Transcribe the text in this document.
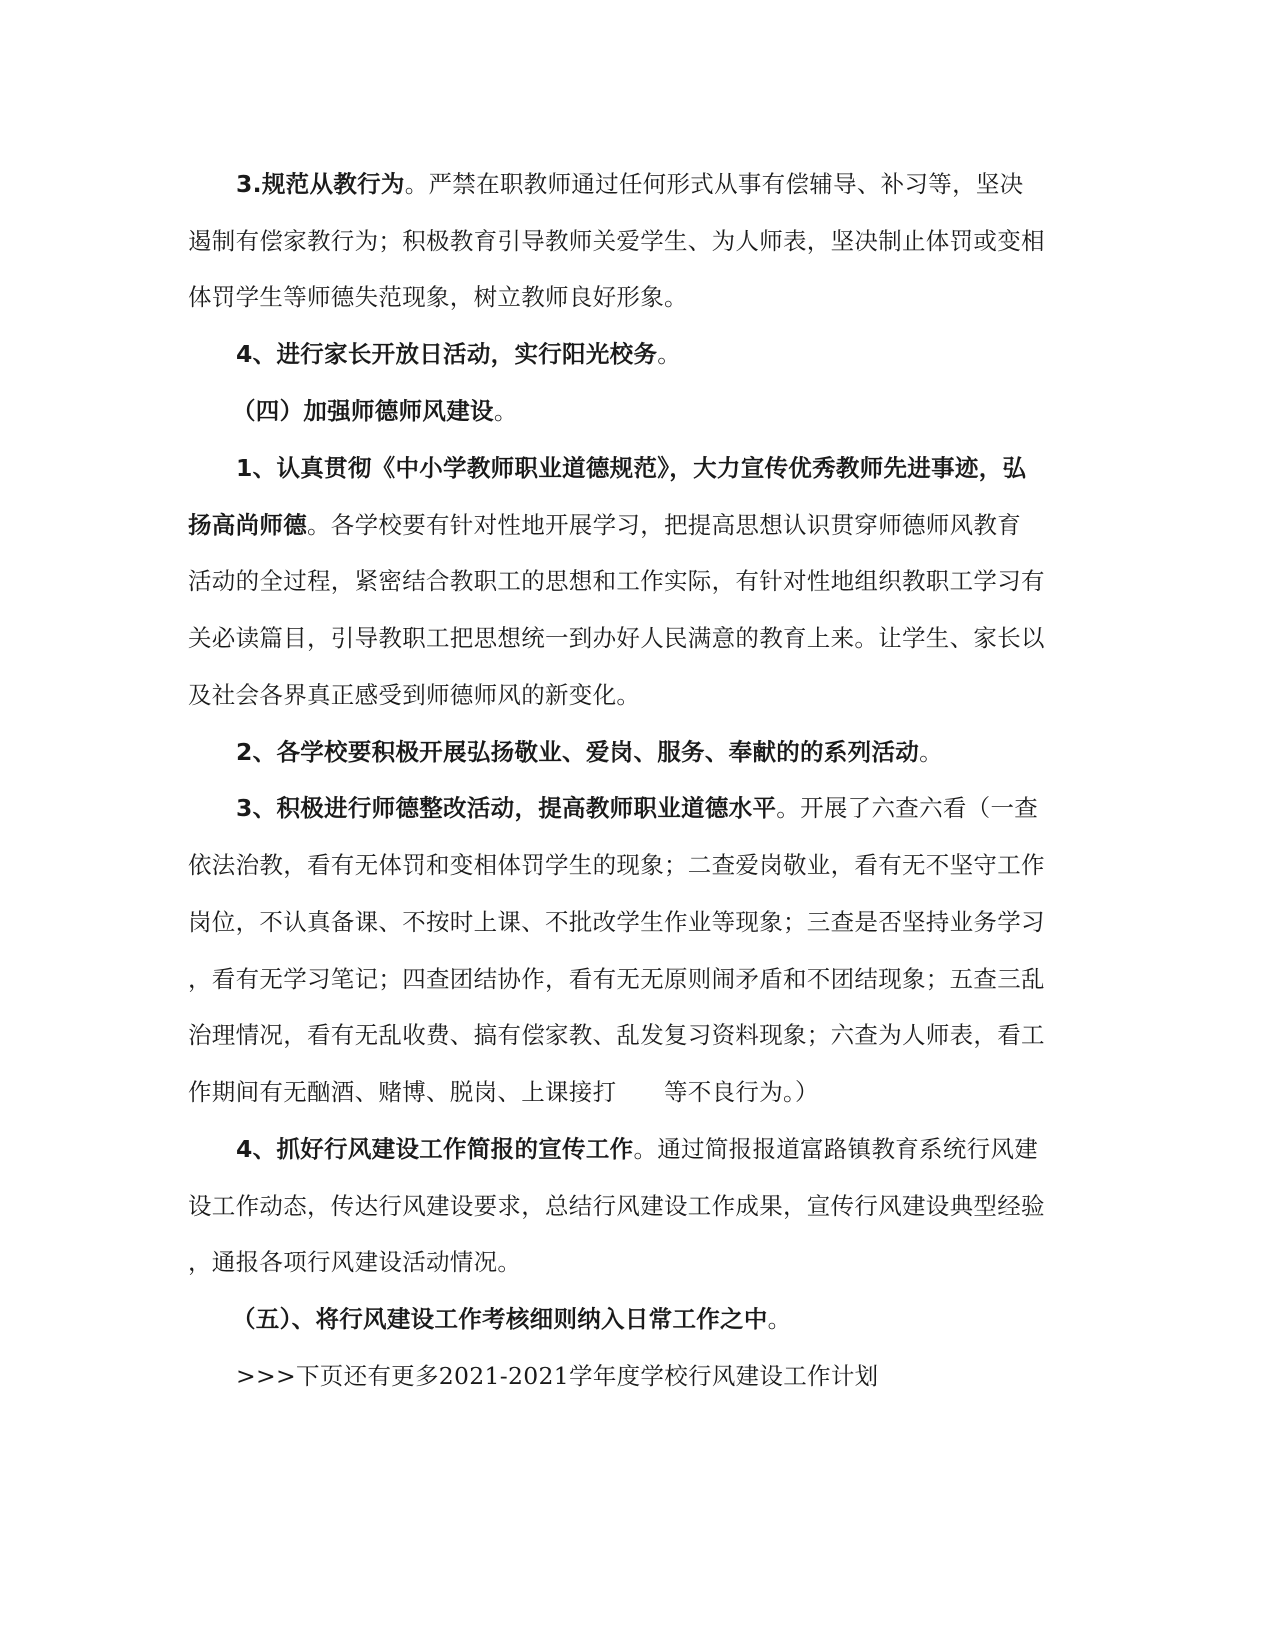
3.规范从教行为。严禁在职教师通过任何形式从事有偿辅导、补习等，坚决
遏制有偿家教行为；积极教育引导教师关爱学生、为人师表，坚决制止体罚或变相
体罚学生等师德失范现象，树立教师良好形象。
4、进行家长开放日活动，实行阳光校务。
（四）加强师德师风建设。
1、认真贯彻《中小学教师职业道德规范》，大力宣传优秀教师先进事迹，弘
扬高尚师德。各学校要有针对性地开展学习，把提高思想认识贯穿师德师风教育
活动的全过程，紧密结合教职工的思想和工作实际，有针对性地组织教职工学习有
关必读篇目，引导教职工把思想统一到办好人民满意的教育上来。让学生、家长以
及社会各界真正感受到师德师风的新变化。
2、各学校要积极开展弘扬敬业、爱岗、服务、奉献的的系列活动。
3、积极进行师德整改活动，提高教师职业道德水平。开展了六查六看（一查
依法治教，看有无体罚和变相体罚学生的现象；二查爱岗敬业，看有无不坚守工作
岗位，不认真备课、不按时上课、不批改学生作业等现象；三查是否坚持业务学习
，看有无学习笔记；四查团结协作，看有无无原则闹矛盾和不团结现象；五查三乱
治理情况，看有无乱收费、搞有偿家教、乱发复习资料现象；六查为人师表，看工
作期间有无酗酒、赌博、脱岗、上课接打　　等不良行为。）
4、抓好行风建设工作简报的宣传工作。通过简报报道富路镇教育系统行风建
设工作动态，传达行风建设要求，总结行风建设工作成果，宣传行风建设典型经验
，通报各项行风建设活动情况。
（五）、将行风建设工作考核细则纳入日常工作之中。
>>>下页还有更多2021-2021学年度学校行风建设工作计划
